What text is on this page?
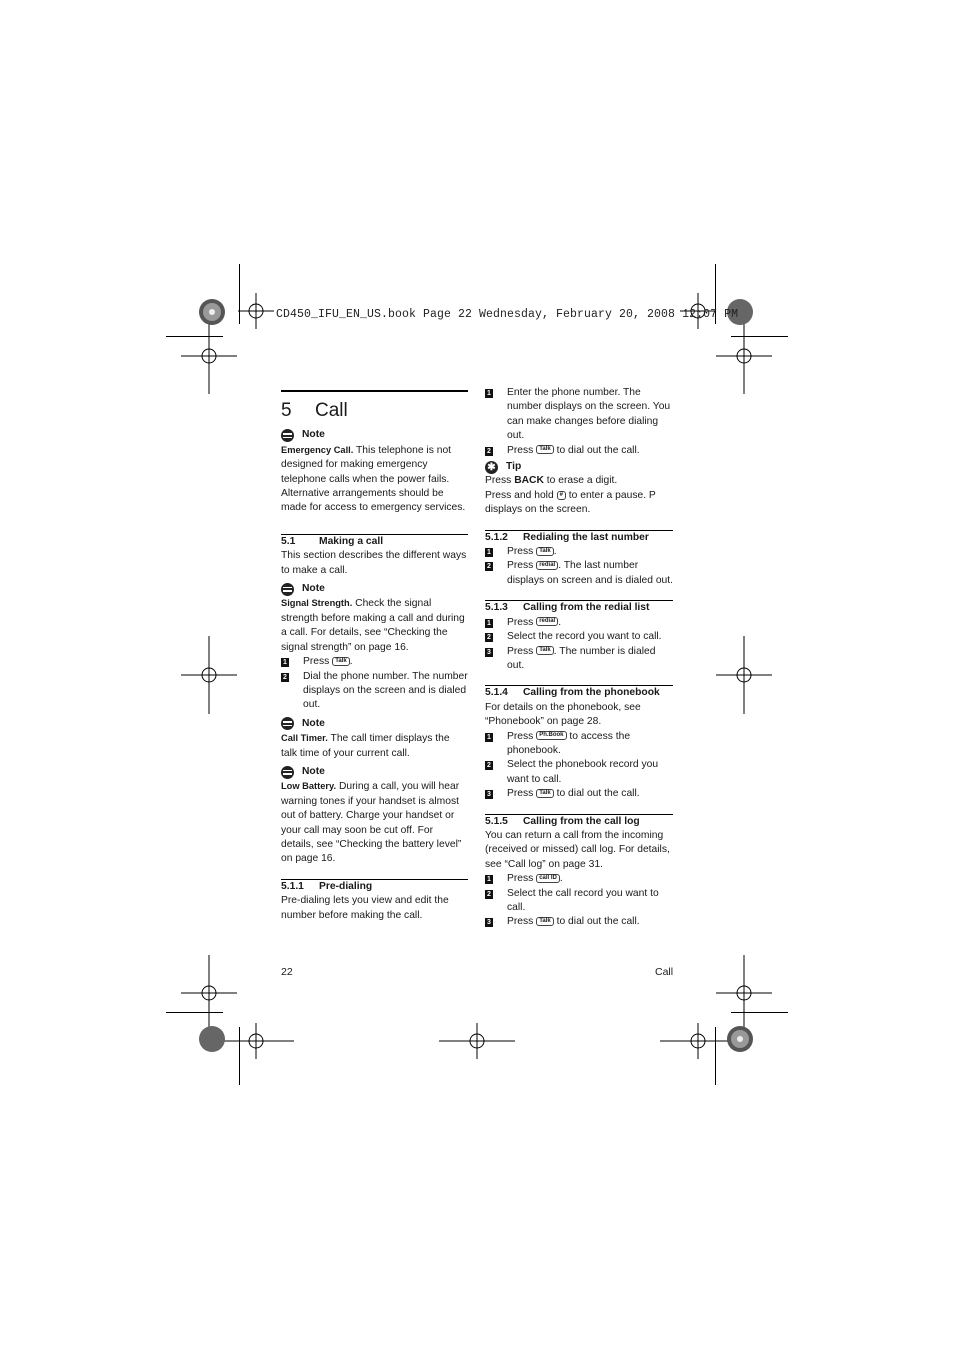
CD450_IFU_EN_US.book Page 22 Wednesday, February 20, 2008 12:07 PM
5 Call
Note

Emergency Call. This telephone is not designed for making emergency telephone calls when the power fails. Alternative arrangements should be made for access to emergency services.

5.1 Making a call

This section describes the different ways to make a call.

Note

Signal Strength. Check the signal strength before making a call and during a call. For details, see “Checking the signal strength” on page 16.

1	Press Talk .
2	Dial the phone number. The number displays on the screen and is dialed out.
Note

Call Timer. The call timer displays the talk time of your current call.

Note

Low Battery. During a call, you will hear warning tones if your handset is almost out of battery. Charge your handset or your call may soon be cut off. For details, see “Checking the battery level” on page 16.

5.1.1 Pre-dialing

Pre-dialing lets you view and edit the number before making the call.

1	Enter the phone number. The number displays on the screen. You can make changes before dialing out.
2	Press Talk to dial out the call.
✱ Tip

Press BACK to erase a digit.

Press and hold # to enter a pause. P displays on the screen.

5.1.2 Redialing the last number

1	Press Talk .
2	Press redial . The last number displays on screen and is dialed out.

5.1.3 Calling from the redial list

1	Press redial .
2	Select the record you want to call.
3	Press Talk . The number is dialed out.

5.1.4 Calling from the phonebook

For details on the phonebook, see “Phonebook” on page 28.

1	Press Ph.Book to access the phonebook.
2	Select the phonebook record you want to call.
3	Press Talk to dial out the call.

5.1.5 Calling from the call log

You can return a call from the incoming (received or missed) call log. For details, see “Call log” on page 31.

1	Press call ID .
2	Select the call record you want to call.
3	Press Talk to dial out the call.
22	Call
